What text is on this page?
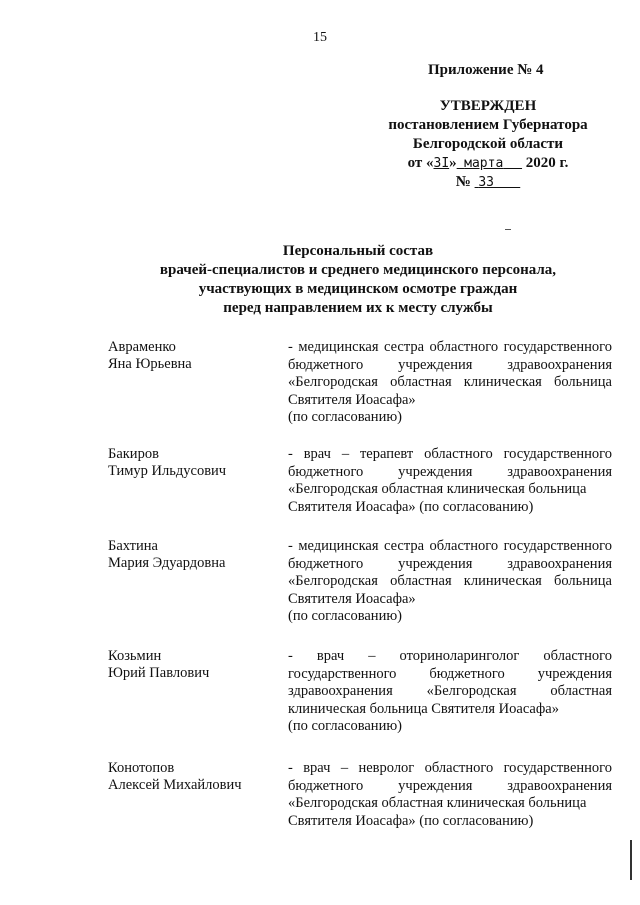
15
Приложение № 4
УТВЕРЖДЕН
постановлением Губернатора
Белгородской области
от «3I» марта 2020 г.
№ 33
Персональный состав
врачей-специалистов и среднего медицинского персонала,
участвующих в медицинском осмотре граждан
перед направлением их к месту службы
Авраменко
Яна Юрьевна
- медицинская сестра областного государственного бюджетного учреждения здравоохранения «Белгородская областная клиническая больница Святителя Иоасафа»
(по согласованию)
Бакиров
Тимур Ильдусович
- врач – терапевт областного государственного бюджетного учреждения здравоохранения «Белгородская областная клиническая больница
Святителя Иоасафа» (по согласованию)
Бахтина
Мария Эдуардовна
- медицинская сестра областного государственного бюджетного учреждения здравоохранения «Белгородская областная клиническая больница Святителя Иоасафа»
(по согласованию)
Козьмин
Юрий Павлович
- врач – оториноларинголог областного государственного бюджетного учреждения здравоохранения «Белгородская областная клиническая больница Святителя Иоасафа»
(по согласованию)
Конотопов
Алексей Михайлович
- врач – невролог областного государственного бюджетного учреждения здравоохранения «Белгородская областная клиническая больница
Святителя Иоасафа» (по согласованию)
